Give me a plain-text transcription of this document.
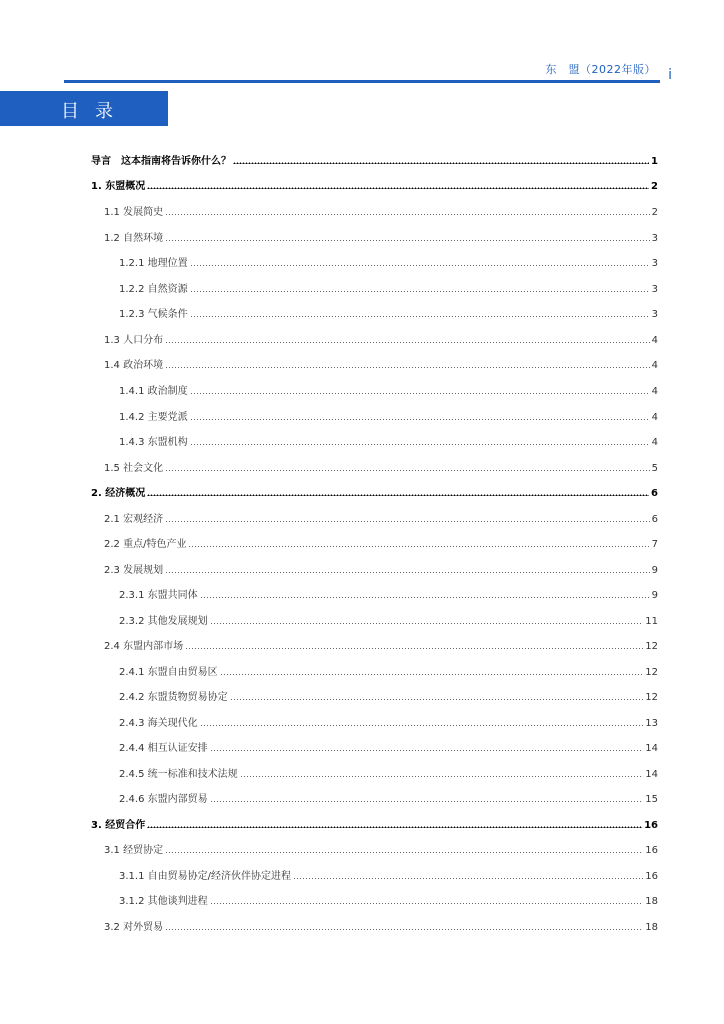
东　盟（2022年版） i
目录
导言　这本指南将告诉你什么？	1
1. 东盟概况	2
1.1 发展简史	2
1.2 自然环境	3
1.2.1 地理位置	3
1.2.2 自然资源	3
1.2.3 气候条件	3
1.3 人口分布	4
1.4 政治环境	4
1.4.1 政治制度	4
1.4.2 主要党派	4
1.4.3 东盟机构	4
1.5 社会文化	5
2. 经济概况	6
2.1 宏观经济	6
2.2 重点/特色产业	7
2.3 发展规划	9
2.3.1 东盟共同体	9
2.3.2 其他发展规划	11
2.4 东盟内部市场	12
2.4.1 东盟自由贸易区	12
2.4.2 东盟货物贸易协定	12
2.4.3 海关现代化	13
2.4.4 相互认证安排	14
2.4.5 统一标准和技术法规	14
2.4.6 东盟内部贸易	15
3. 经贸合作	16
3.1 经贸协定	16
3.1.1 自由贸易协定/经济伙伴协定进程	16
3.1.2 其他谈判进程	18
3.2 对外贸易	18
